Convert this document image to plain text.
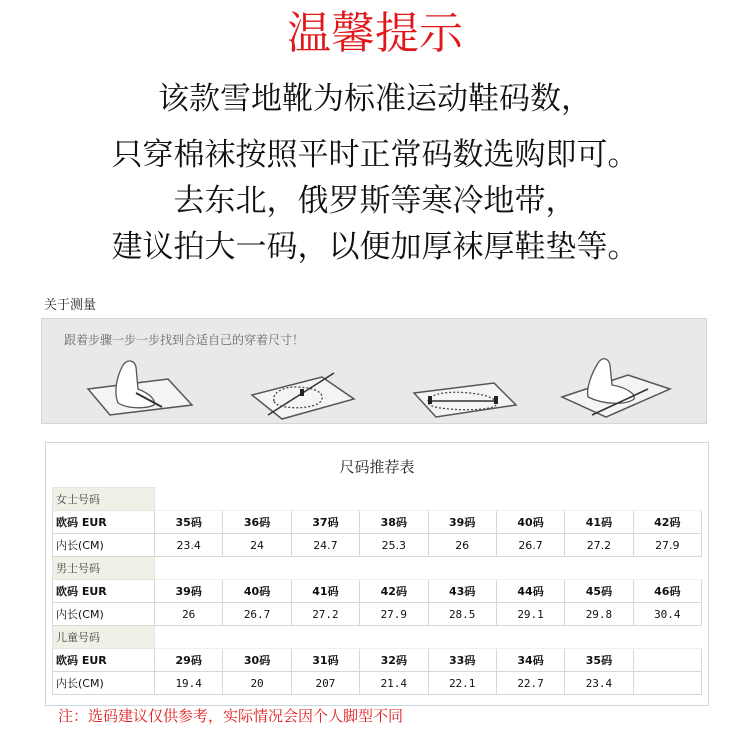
温馨提示
该款雪地靴为标准运动鞋码数，
只穿棉袜按照平时正常码数选购即可。
去东北，俄罗斯等寒冷地带，
建议拍大一码，以便加厚袜厚鞋垫等。
关于测量
跟着步骤一步一步找到合适自己的穿着尺寸！
尺码推荐表
女士号码								
欧码 EUR	35码	36码	37码	38码	39码	40码	41码	42码
内长(CM)	23.4	24	24.7	25.3	26	26.7	27.2	27.9
男士号码								
欧码 EUR	39码	40码	41码	42码	43码	44码	45码	46码
内长(CM)	26	26.7	27.2	27.9	28.5	29.1	29.8	30.4
儿童号码								
欧码 EUR	29码	30码	31码	32码	33码	34码	35码	
内长(CM)	19.4	20	207	21.4	22.1	22.7	23.4	
注：选码建议仅供参考，实际情况会因个人脚型不同
